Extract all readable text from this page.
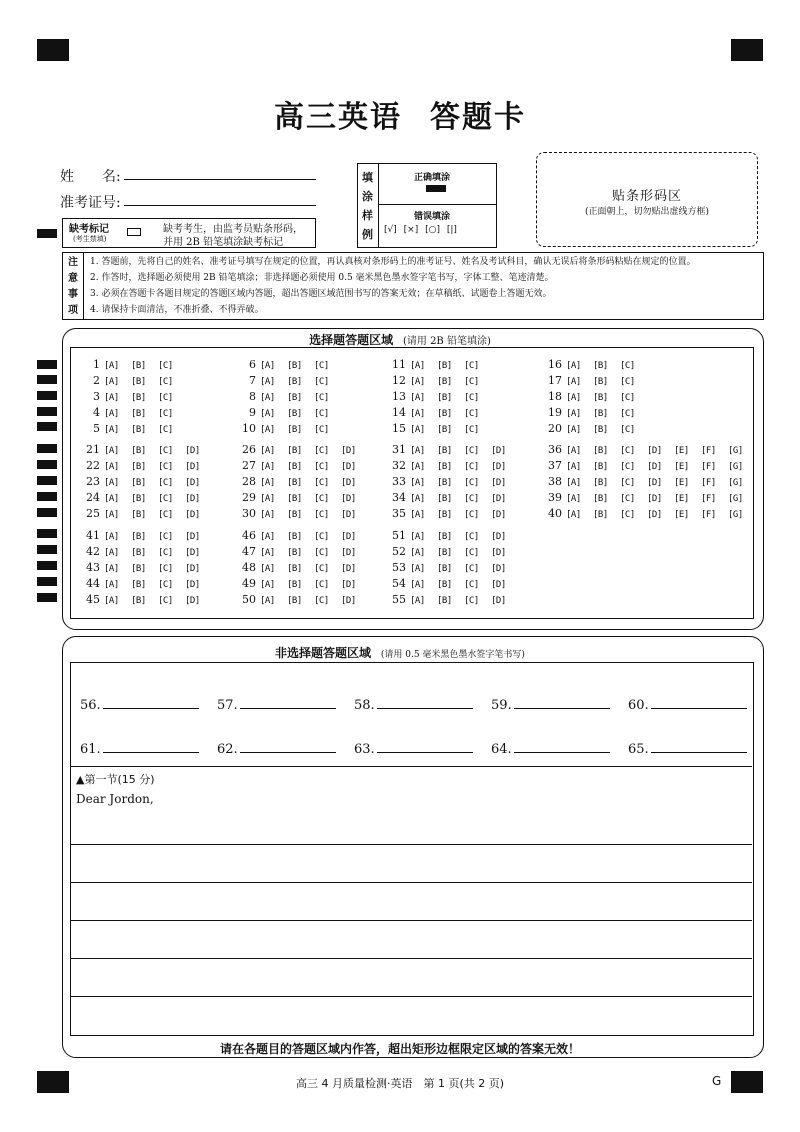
高三英语 答题卡
姓　　名:
准考证号:
缺考标记
(考生禁填)
缺考考生，由监考员贴条形码，
并用 2B 铅笔填涂缺考标记
填
涂
样
例
正确填涂
错误填涂
[√] [×] [○] [|]
贴条形码区
(正面朝上，切勿贴出虚线方框)
注
意
事
项
1. 答题前，先将自己的姓名、准考证号填写在规定的位置，再认真核对条形码上的准考证号、姓名及考试科目，确认无误后将条形码粘贴在规定的位置。
2. 作答时，选择题必须使用 2B 铅笔填涂；非选择题必须使用 0.5 毫米黑色墨水签字笔书写，字体工整、笔迹清楚。
3. 必须在答题卡各题目规定的答题区域内答题，超出答题区域范围书写的答案无效；在草稿纸、试题卷上答题无效。
4. 请保持卡面清洁，不准折叠、不得弄破。
选择题答题区域 (请用 2B 铅笔填涂)
1 [A] [B] [C]
2 [A] [B] [C]
3 [A] [B] [C]
4 [A] [B] [C]
5 [A] [B] [C]
6 [A] [B] [C]
7 [A] [B] [C]
8 [A] [B] [C]
9 [A] [B] [C]
10 [A] [B] [C]
11 [A] [B] [C]
12 [A] [B] [C]
13 [A] [B] [C]
14 [A] [B] [C]
15 [A] [B] [C]
16 [A] [B] [C]
17 [A] [B] [C]
18 [A] [B] [C]
19 [A] [B] [C]
20 [A] [B] [C]
21 [A] [B] [C] [D]
22 [A] [B] [C] [D]
23 [A] [B] [C] [D]
24 [A] [B] [C] [D]
25 [A] [B] [C] [D]
26 [A] [B] [C] [D]
27 [A] [B] [C] [D]
28 [A] [B] [C] [D]
29 [A] [B] [C] [D]
30 [A] [B] [C] [D]
31 [A] [B] [C] [D]
32 [A] [B] [C] [D]
33 [A] [B] [C] [D]
34 [A] [B] [C] [D]
35 [A] [B] [C] [D]
36 [A] [B] [C] [D] [E] [F] [G]
37 [A] [B] [C] [D] [E] [F] [G]
38 [A] [B] [C] [D] [E] [F] [G]
39 [A] [B] [C] [D] [E] [F] [G]
40 [A] [B] [C] [D] [E] [F] [G]
41 [A] [B] [C] [D]
42 [A] [B] [C] [D]
43 [A] [B] [C] [D]
44 [A] [B] [C] [D]
45 [A] [B] [C] [D]
46 [A] [B] [C] [D]
47 [A] [B] [C] [D]
48 [A] [B] [C] [D]
49 [A] [B] [C] [D]
50 [A] [B] [C] [D]
51 [A] [B] [C] [D]
52 [A] [B] [C] [D]
53 [A] [B] [C] [D]
54 [A] [B] [C] [D]
55 [A] [B] [C] [D]
非选择题答题区域 (请用 0.5 毫米黑色墨水签字笔书写)
56.	57.	58.	59.	60.
61.	62.	63.	64.	65.
▲第一节(15 分)
Dear Jordon,
请在各题目的答题区域内作答，超出矩形边框限定区域的答案无效！
高三 4 月质量检测·英语　第 1 页(共 2 页)	G
